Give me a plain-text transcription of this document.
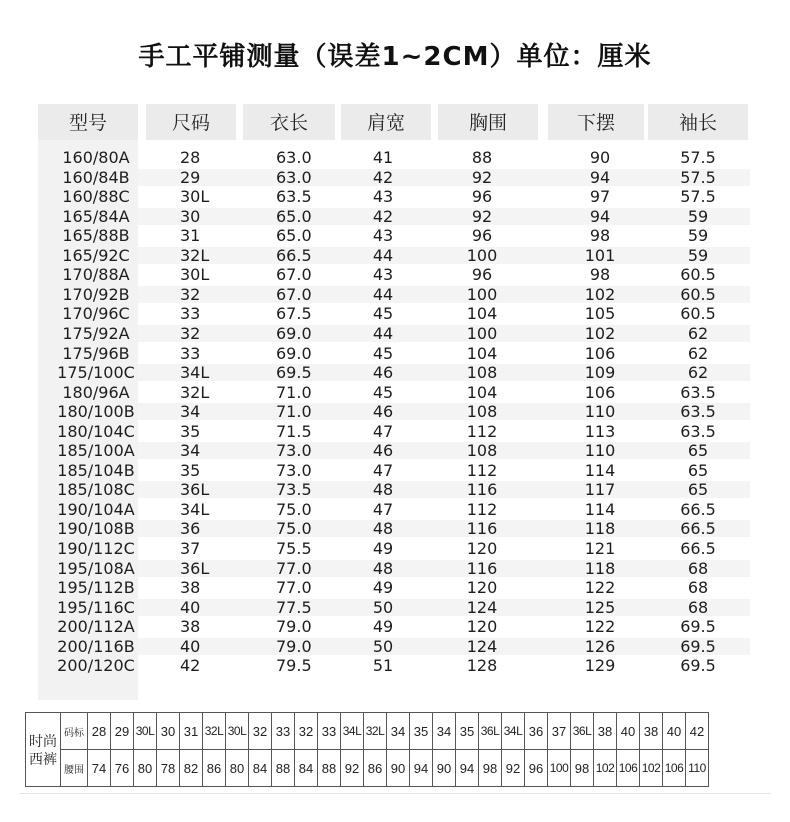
手工平铺测量（误差1~2CM）单位：厘米
型号	尺码	衣长	肩宽	胸围	下摆	袖长
160/80A	28	63.0	41	88	90	57.5
160/84B	29	63.0	42	92	94	57.5
160/88C	30L	63.5	43	96	97	57.5
165/84A	30	65.0	42	92	94	59
165/88B	31	65.0	43	96	98	59
165/92C	32L	66.5	44	100	101	59
170/88A	30L	67.0	43	96	98	60.5
170/92B	32	67.0	44	100	102	60.5
170/96C	33	67.5	45	104	105	60.5
175/92A	32	69.0	44	100	102	62
175/96B	33	69.0	45	104	106	62
175/100C	34L	69.5	46	108	109	62
180/96A	32L	71.0	45	104	106	63.5
180/100B	34	71.0	46	108	110	63.5
180/104C	35	71.5	47	112	113	63.5
185/100A	34	73.0	46	108	110	65
185/104B	35	73.0	47	112	114	65
185/108C	36L	73.5	48	116	117	65
190/104A	34L	75.0	47	112	114	66.5
190/108B	36	75.0	48	116	118	66.5
190/112C	37	75.5	49	120	121	66.5
195/108A	36L	77.0	48	116	118	68
195/112B	38	77.0	49	120	122	68
195/116C	40	77.5	50	124	125	68
200/112A	38	79.0	49	120	122	69.5
200/116B	40	79.0	50	124	126	69.5
200/120C	42	79.5	51	128	129	69.5
时尚西裤	码标	28	29	30L	30	31	32L	30L	32	33	32	33	34L	32L	34	35	34	35	36L	34L	36	37	36L	38	40	38	40	42
	腰围	74	76	80	78	82	86	80	84	88	84	88	92	86	90	94	90	94	98	92	96	100	98	102	106	102	106	110
